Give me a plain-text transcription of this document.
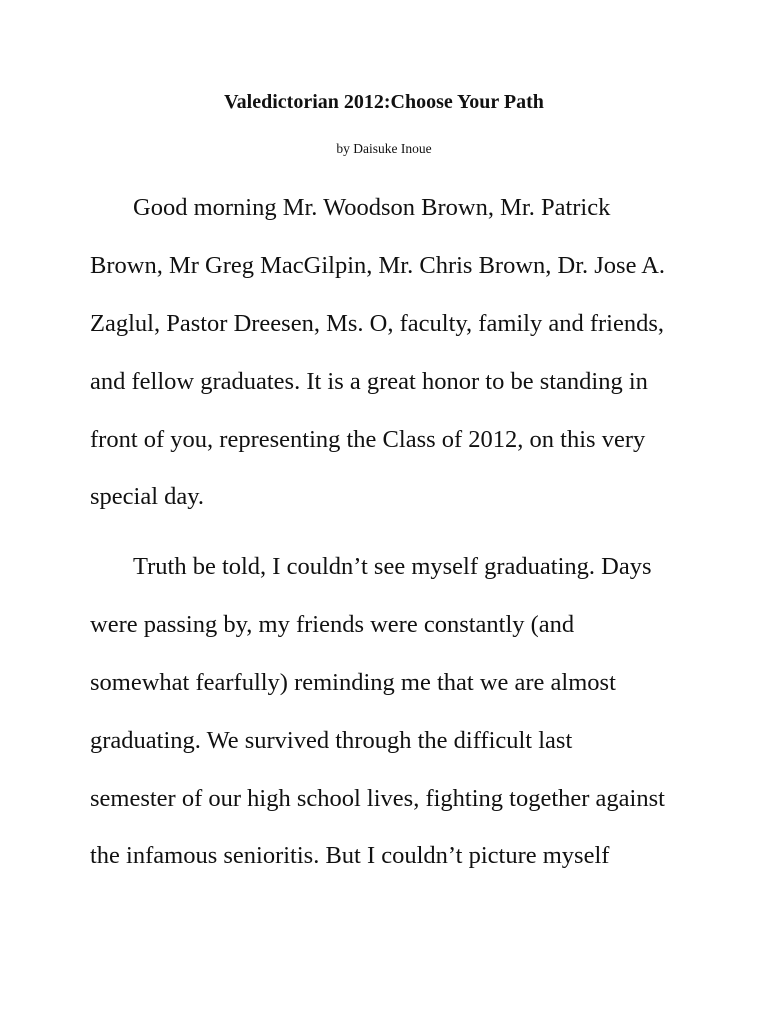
Valedictorian 2012:Choose Your Path
by Daisuke Inoue
Good morning Mr. Woodson Brown, Mr. Patrick
Brown, Mr Greg MacGilpin, Mr. Chris Brown, Dr. Jose A.
Zaglul, Pastor Dreesen, Ms. O, faculty, family and friends,
and fellow graduates. It is a great honor to be standing in
front of you, representing the Class of 2012, on this very
special day.
Truth be told, I couldn’t see myself graduating. Days
were passing by, my friends were constantly (and
somewhat fearfully) reminding me that we are almost
graduating. We survived through the difficult last
semester of our high school lives, fighting together against
the infamous senioritis. But I couldn’t picture myself
